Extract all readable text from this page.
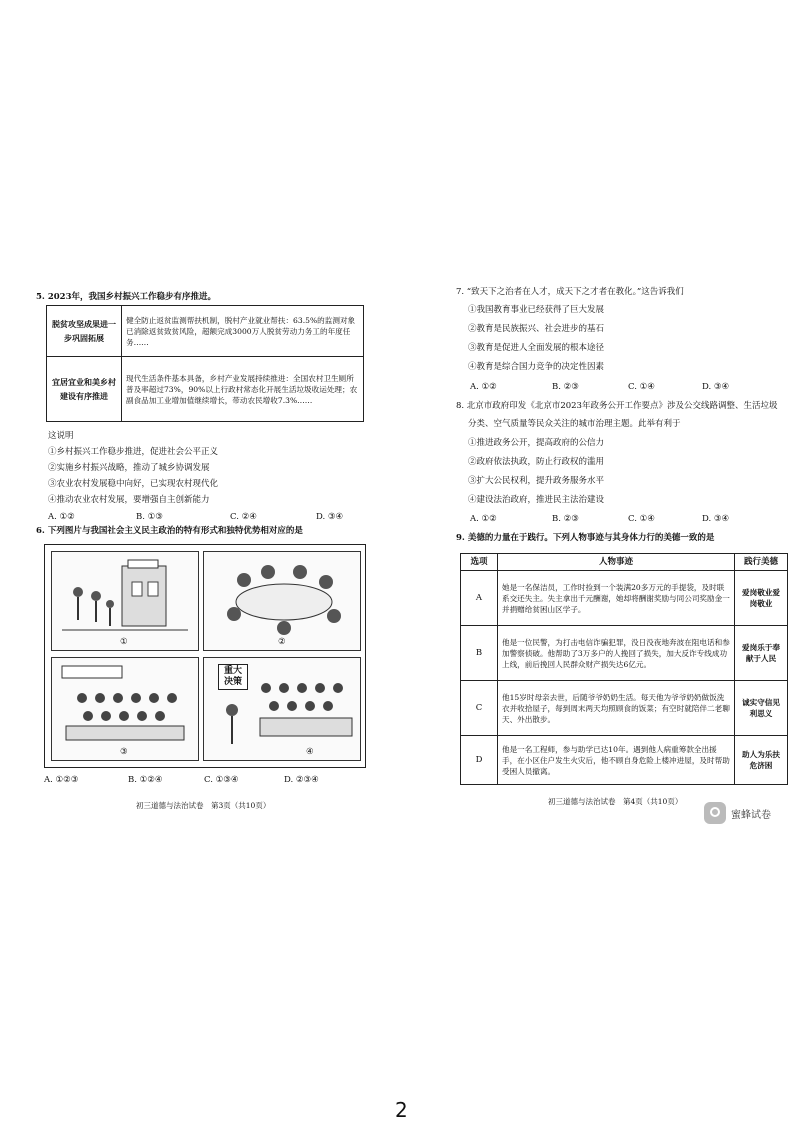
5. 2023年，我国乡村振兴工作稳步有序推进。
脱贫攻坚成果进一步巩固拓展	健全防止返贫监测帮扶机制，脱村产业就业帮扶：63.5%的监测对象已消除返贫致贫风险，超额完成3000万人脱贫劳动力务工的年度任务……
宜居宜业和美乡村建设有序推进	现代生活条件基本具备，乡村产业发展持续推进：全国农村卫生厕所普及率超过73%，90%以上行政村常态化开展生活垃圾收运处理；农副食品加工业增加值继续增长，带动农民增收7.3%……
这说明
①乡村振兴工作稳步推进，促进社会公平正义
②实施乡村振兴战略，推动了城乡协调发展
③农业农村发展稳中向好，已实现农村现代化
④推动农业农村发展，要增强自主创新能力
A. ①②	B. ①③	C. ②④	D. ③④
6. 下列图片与我国社会主义民主政治的特有形式和独特优势相对应的是
①	②
③
重大决策
④
A. ①②③	B. ①②④	C. ①③④	D. ②③④
初三道德与法治试卷　第3页（共10页）
7. “致天下之治者在人才，成天下之才者在教化。”这告诉我们
①我国教育事业已经获得了巨大发展
②教育是民族振兴、社会进步的基石
③教育是促进人全面发展的根本途径
④教育是综合国力竞争的决定性因素
A. ①②	B. ②③	C. ①④	D. ③④
8. 北京市政府印发《北京市2023年政务公开工作要点》涉及公交线路调整、生活垃圾
分类、空气质量等民众关注的城市治理主题。此举有利于
①推进政务公开，提高政府的公信力
②政府依法执政，防止行政权的滥用
③扩大公民权利，提升政务服务水平
④建设法治政府，推进民主法治建设
A. ①②	B. ②③	C. ①④	D. ③④
9. 美德的力量在于践行。下列人物事迹与其身体力行的美德一致的是
选项	人物事迹	践行美德
A	她是一名保洁员，工作时捡到一个装满20多万元的手提袋，及时联系交还失主。失主拿出千元酬谢，她却将酬谢奖励与同公司奖励金一并捐赠给贫困山区学子。	爱岗敬业爱岗敬业
B	他是一位民警，为打击电信诈骗犯罪，没日没夜地奔波在阻电话和参加警察侦破。他帮助了3万多户的人挽回了损失，加大反诈专线成功上线，前后挽回人民群众财产损失达6亿元。	爱岗乐于奉献于人民
C	他15岁时母亲去世，后随爷爷奶奶生活。每天他为爷爷奶奶做饭洗衣并收拾屋子，每到周末两天均照顾食的饭菜；有空时就陪伴二老聊天、外出散步。	诚实守信见利思义
D	他是一名工程师，参与助学已达10年。遇到他人病重筹款全出援手，在小区住户发生火灾后，他不顾自身危险上楼冲进屋，及时帮助受困人员撤离。	助人为乐扶危济困
初三道德与法治试卷　第4页（共10页）
蜜蜂试卷
2
